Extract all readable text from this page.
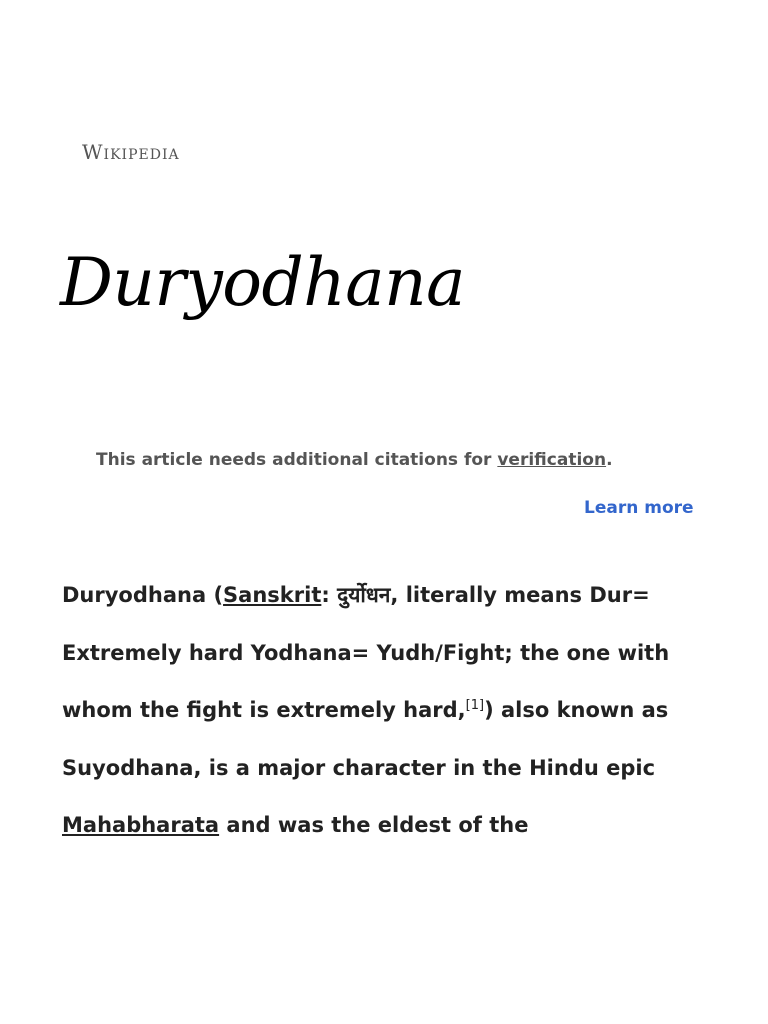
Wikipedia
Duryodhana
This article needs additional citations for verification.
Learn more

Duryodhana (Sanskrit: दुर्योधन, literally means Dur= Extremely hard Yodhana= Yudh/Fight; the one with whom the fight is extremely hard,[1]) also known as Suyodhana, is a major character in the Hindu epic Mahabharata and was the eldest of the
